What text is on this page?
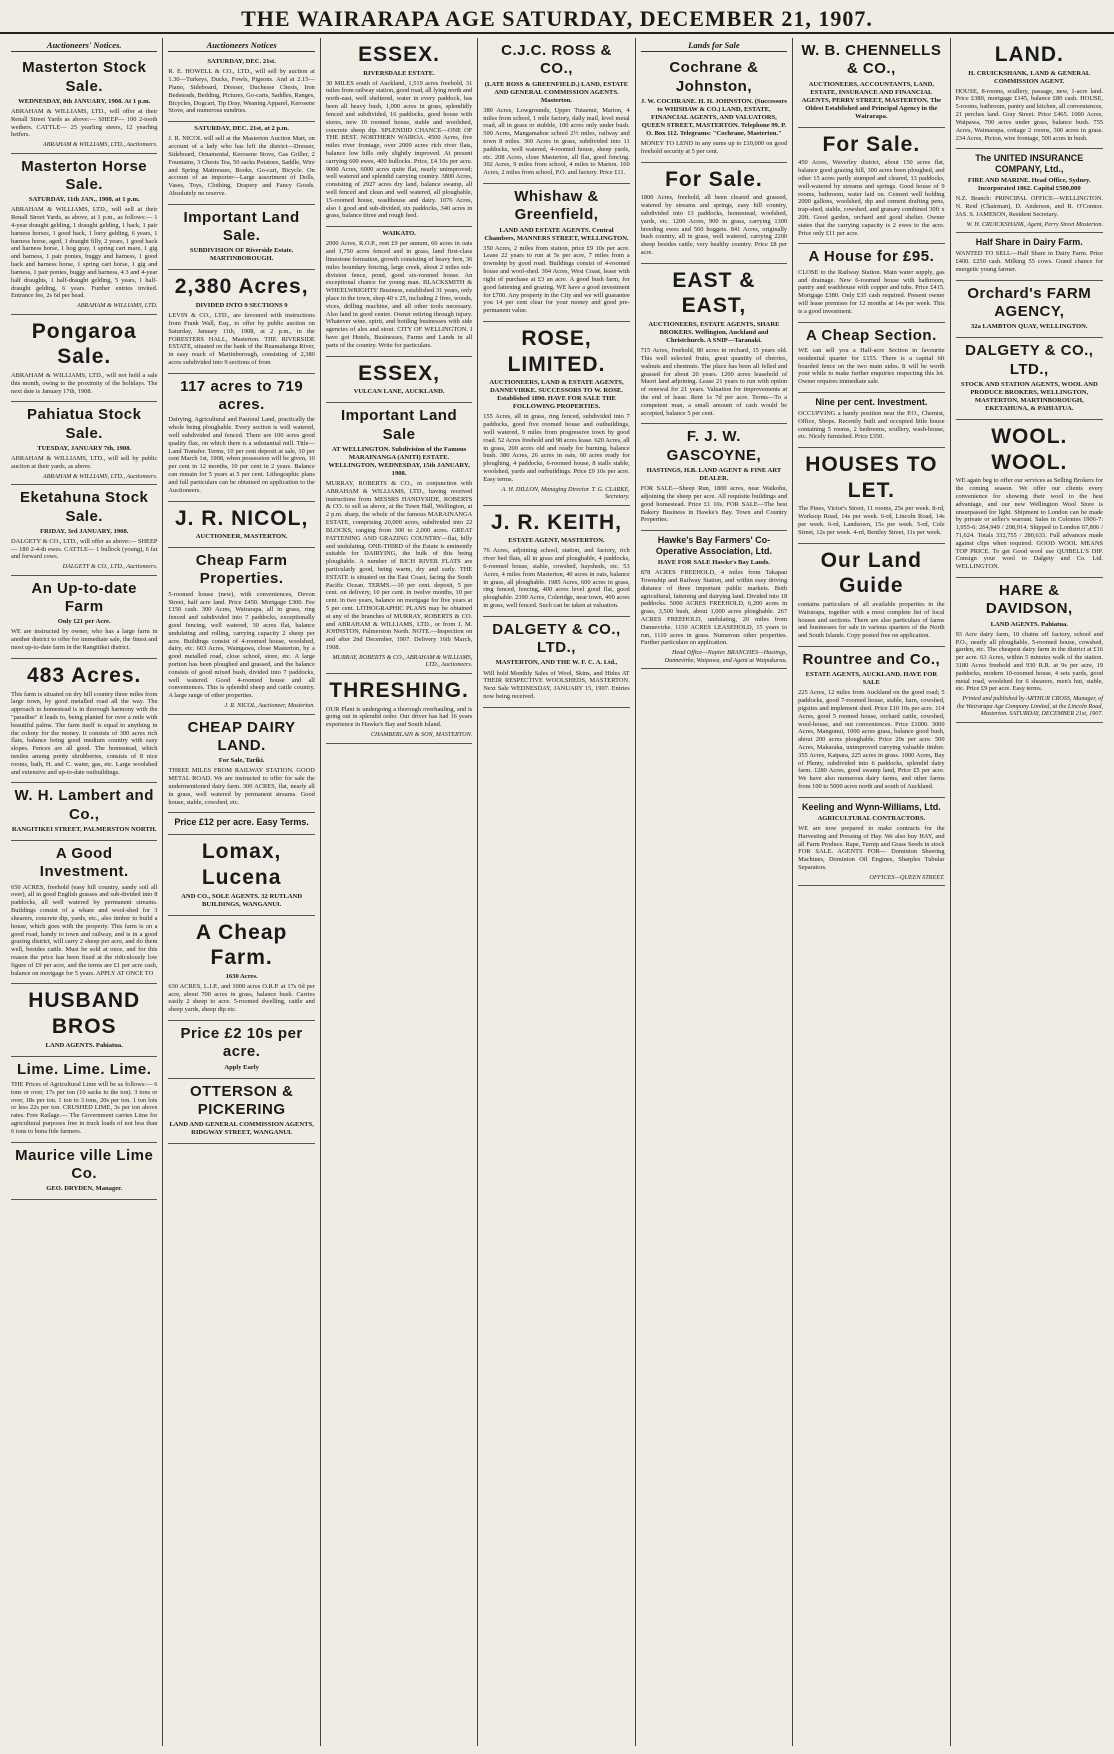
THE WAIRARAPA AGE SATURDAY, DECEMBER 21, 1907.
Auctioneers' Notices.
Masterton Stock Sale.
WEDNESDAY, 8th JANUARY, 1908. At 1 p.m.

ABRAHAM & WILLIAMS, LTD., will offer at their Renall Street Yards as above:— SHEEP— 100 2-tooth wethers. CATTLE— 25 yearling steers, 12 yearling heifers.

ABRAHAM & WILLIAMS, LTD., Auctioneers.
Masterton Horse Sale.
SATURDAY, 11th JAN., 1908, at 1 p.m.

ABRAHAM & WILLIAMS, LTD., will sell at their Renall Street Yards, as above, at 1 p.m., as follows:— 1 4-year draught gelding, 1 draught gelding, 1 hack, 1 pair harness horses, 1 good hack, 1 lorry gelding, 6 years, 1 harness horse, aged, 1 draught filly, 2 years, 1 good hack and harness horse, 1 hog gray, 1 spring cart mare, 1 gig and harness, 1 pair ponies, buggy and harness, 1 good hack and harness horse, 1 spring cart horse, 1 gig and harness, 1 pair ponies, buggy and harness, 4 3 and 4-year half draughts, 1 half-draught gelding, 5 years, 1 half-draught gelding, 6 years. Further entries invited. Entrance fee, 2s 6d per head.

ABRAHAM & WILLIAMS, LTD.
Pongaroa Sale.

ABRAHAM & WILLIAMS, LTD., will not hold a sale this month, owing to the proximity of the holidays. The next date is January 17th, 1908.

Pahiatua Stock Sale.
TUESDAY, JANUARY 7th, 1908.

ABRAHAM & WILLIAMS, LTD., will sell by public auction at their yards, as above.

ABRAHAM & WILLIAMS, LTD., Auctioneers.
Eketahuna Stock Sale.
FRIDAY, 3rd JANUARY, 1908.

DALGETY & CO., LTD., will offer as above:— SHEEP— 180 2-4-th ewes. CATTLE— 1 bullock (young), 6 fat and forward cows.

DALGETY & CO., LTD., Auctioneers.
An Up-to-date Farm
Only £21 per Acre.

WE are instructed by owner, who has a large farm in another district to offer for immediate sale, the finest and most up-to-date farm in the Rangitikei district.

483 Acres.

This farm is situated on dry hill country three miles from large town, by good metalled road all the way. The approach to homestead is in thorough harmony with the "paradise" it leads to, being planted for over a mile with beautiful palms. The farm itself is equal to anything in the colony for the money. It consists of 300 acres rich flats, balance being good medium country with easy slopes. Fences are all good. The homestead, which nestles among pretty shrubberies, consists of 8 nice rooms, bath, H. and C. water, gas, etc. Large woolshed and extensive and up-to-date outbuildings.

W. H. Lambert and Co.,
RANGITIKEI STREET, PALMERSTON NORTH.
A Good Investment.

650 ACRES, freehold (easy hill country, sandy soil all over), all in good English grasses and sub-divided into 8 paddocks, all well watered by permanent streams. Buildings consist of a whare and wool-shed for 3 shearers, concrete dip, yards, etc., also timber to build a house, which goes with the property. This farm is on a good road, handy to town and railway, and is in a good grazing district, will carry 2 sheep per acre, and do them well, besides cattle. Must be sold at once, and for this reason the price has been fixed at the ridiculously low figure of £9 per acre, and the terms are £1 per acre cash, balance on mortgage for 5 years. APPLY AT ONCE TO

HUSBAND BROS
LAND AGENTS. Pahiatua.
Lime. Lime. Lime.

THE Prices of Agricultural Lime will be as follows:— 6 tons or over, 17s per ton (10 sacks to the ton). 3 tons or over, 18s per ton. 1 ton to 3 tons, 20s per ton. 1 ton lots or less 22s per ton. CRUSHED LIME, 3s per ton above rates. Free Railage.— The Government carries Lime for agricultural purposes free in truck loads of not less than 6 tons to bona fide farmers.

Maurice ville Lime Co.
GEO. DRYDEN, Manager.
Auctioneers Notices
SATURDAY, DEC. 21st.

R. E. HOWELL & CO., LTD., will sell by auction at 1.30—Turkeys, Ducks, Fowls, Pigeons. And at 2.15—Piano, Sideboard, Dresser, Duchesse Chests, Iron Bedsteads, Bedding, Pictures, Go-carts, Saddles, Ranges, Bicycles, Dogcart, Tip Dray, Weaning Apparel, Kerosene Stove, and numerous sundries.

SATURDAY, DEC. 21st, at 2 p.m.

J. R. NICOL will sell at the Masterton Auction Mart, on account of a lady who has left the district—Dresser, Sideboard, Ornamental, Kerosene Stove, Gas Griller, 2 Fountains, 3 Chests Tea, 50 sacks Potatoes, Saddle, Wire and Spring Mattresses, Books, Go-cart, Bicycle. On account of an importer—Large assortment of Dolls, Vases, Toys, Clothing, Drapery and Fancy Goods. Absolutely no reserve.

Important Land Sale.
SUBDIVISION OF Riverside Estate. MARTINBOROUGH.
2,380 Acres,
DIVIDED INTO 9 SECTIONS 9

LEVIN & CO., LTD., are favoured with instructions from Frank Wall, Esq., to offer by public auction on Saturday, January 11th, 1908, at 2 p.m., in the FORESTERS HALL, Masterton. THE RIVERSIDE ESTATE, situated on the bank of the Ruamahanga River, in easy reach of Martinborough, consisting of 2,380 acres subdivided into 9 sections of from

117 acres to 719 acres.

Dairying, Agricultural and Pastoral Land, practically the whole being ploughable. Every section is well watered, well subdivided and fenced. There are 100 acres good quality flax, on which there is a substantial mill. Title—Land Transfer. Terms, 10 per cent deposit at sale, 10 per cent March 1st, 1908, when possession will be given, 10 per cent in 12 months, 10 per cent in 2 years. Balance can remain for 5 years at 5 per cent. Lithographic plans and full particulars can be obtained on application to the Auctioneers.

J. R. NICOL,
AUCTIONEER, MASTERTON.
Cheap Farm Properties.

5-roomed house (new), with conveniences, Devon Street, half acre land. Price £450. Mortgage £300. Fee £150 cash. 300 Acres, Wairarapa, all in grass, ring fenced and subdivided into 7 paddocks, exceptionally good fencing, well watered, 30 acres flat, balance undulating and rolling, carrying capacity 2 sheep per acre. Buildings consist of 4-roomed house, woolshed, dairy, etc. 603 Acres, Waingawa, close Masterton, by a good metalled road, close school, store, etc. A large portion has been ploughed and grassed, and the balance consists of good mixed bush, divided into 7 paddocks, well watered. Good 4-roomed house and all conveniences. This is splendid sheep and cattle country. A large range of other properties.

J. R. NICOL, Auctioneer, Masterton.
CHEAP DAIRY LAND.
For Sale, Tariki.

THREE MILES FROM RAILWAY STATION. GOOD METAL ROAD. We are instructed to offer for sale the undermentioned dairy farm. 300 ACRES, flat, nearly all in grass, well watered by permanent streams. Good house, stable, cowshed, etc.

Price £12 per acre. Easy Terms.
Lomax, Lucena
AND CO., SOLE AGENTS. 32 RUTLAND BUILDINGS, WANGANUI.
A Cheap Farm.
1630 Acres.

630 ACRES, L.I.P., and 1000 acres O.R.P. at 17s 6d per acre, about 700 acres in grass, balance bush. Carries easily 2 sheep to acre. 5-roomed dwelling, cattle and sheep yards, sheep dip etc.

Price £2 10s per acre.
Apply Early
OTTERSON & PICKERING
LAND AND GENERAL COMMISSION AGENTS, RIDGWAY STREET, WANGANUI.
ESSEX.
RIVERSDALE ESTATE.

30 MILES south of Auckland, 1,519 acres freehold, 31 miles from railway station, good road, all lying north and north-east, well sheltered, water in every paddock, has been all heavy bush, 1,000 acres in grass, splendidly fenced and subdivided, 16 paddocks, good house with stores, new 10 roomed house, stable and woolshed, concrete sheep dip. SPLENDID CHANCE—ONE OF THE BEST. NORTHERN WAIROA. 4500 Acres, five miles river frontage, over 2000 acres rich river flats, balance low hills only slightly improved. At present carrying 600 ewes, 400 bullocks. Price, £4 10s per acre. 9000 Acres, 6000 acres quite flat, nearly unimproved; well watered and splendid carrying country. 3800 Acres, consisting of 2927 acres dry land, balance swamp, all well fenced and clean and well watered, all ploughable, 15-roomed house, washhouse and dairy. 1076 Acres, also 1 good and sub-divided, six paddocks, 340 acres in grass, balance titree and rough feed.

WAIKATO.

2000 Acres, R.O.P., rent £9 per annum, 60 acres in oats and 1,750 acres fenced and in grass, land first-class limestone formation, growth consisting of heavy fern, 36 miles boundary fencing, large creek, about 2 miles sub-division fence, pond, good six-roomed house. An exceptional chance for young man. BLACKSMITH & WHEELWRIGHTS' Business, established 31 years, only place in the town, shop 40 x 25, including 2 fires, woods, vices, drilling machine, and all other tools necessary. Also land in good centre. Owner retiring through injury. Whatever wine, spirit, and bottling businesses with side agencies of ales and stout. CITY OF WELLINGTON. I have got Hotels, Businesses, Farms and Lands in all parts of the country. Write for particulars.

ESSEX,
VULCAN LANE, AUCKLAND.
Important Land Sale
AT WELLINGTON. Subdivision of the Famous MARAINANGA (ANITI) ESTATE. WELLINGTON, WEDNESDAY, 15th JANUARY, 1908.

MURRAY, ROBERTS & CO., in conjunction with ABRAHAM & WILLIAMS, LTD., having received instructions from MESSRS HANDYSIDE, ROBERTS & CO. to sell as above, at the Town Hall, Wellington, at 2 p.m. sharp, the whole of the famous MARAINANGA ESTATE, comprising 20,000 acres, subdivided into 22 BLOCKS, ranging from 300 to 2,000 acres. GREAT FATTENING AND GRAZING COUNTRY—flat, hilly and undulating. ONE-THIRD of the Estate is eminently suitable for DAIRYING, the bulk of this being ploughable. A number of RICH RIVER FLATS are particularly good, being warm, dry and early. THE ESTATE is situated on the East Coast, facing the South Pacific Ocean. TERMS.—10 per cent. deposit, 5 per cent. on delivery, 10 per cent. in twelve months, 10 per cent. in two years, balance on mortgage for five years at 5 per cent. LITHOGRAPHIC PLANS may be obtained at any of the branches of MURRAY, ROBERTS & CO. and ABRAHAM & WILLIAMS, LTD., or from J. M. JOHNSTON, Palmerston North. NOTE.—Inspection on and after 2nd December, 1907. Delivery 16th March, 1908.

MURRAY, ROBERTS & CO., ABRAHAM & WILLIAMS, LTD., Auctioneers.
THRESHING.

OUR Plant is undergoing a thorough overhauling, and is going out in splendid order. Our driver has had 16 years experience in Hawke's Bay and South Island.

CHAMBERLAIN & SON, MASTERTON.
C.J.C. ROSS & CO.,
(LATE ROSS & GREENFIELD.) LAND, ESTATE AND GENERAL COMMISSION AGENTS. Masterton.

380 Acres, Lowgrounds, Upper Tutaenui, Marton, 4 miles from school, 1 mile factory, daily mail, level metal road, all in grass or stubble, 100 acres only under bush. 500 Acres, Mangamahoe school 2½ miles, railway and town 8 miles. 360 Acres in grass, subdivided into 11 paddocks, well watered, 4-roomed house, sheep yards, etc. 208 Acres, close Masterton, all flat, good fencing. 302 Acres, 9 miles from school, 4 miles to Marton. 160 Acres, 2 miles from school, P.O. and factory. Price £11.

Whishaw & Greenfield,
LAND AND ESTATE AGENTS. Central Chambers, MANNERS STREET, WELLINGTON.

350 Acres, 2 miles from station, price £9 10s per acre. Lease 22 years to run at 5s per acre, 7 miles from a township by good road. Buildings consist of 4-roomed house and wool-shed. 394 Acres, West Coast, lease with right of purchase at £3 an acre. A good bush farm, for good fattening and grazing. WE have a good investment for £700. Any property in the City and we will guarantee you 14 per cent clear for your money and good pre-permanent value.

ROSE, LIMITED.
AUCTIONEERS, LAND & ESTATE AGENTS, DANNEVIRKE. SUCCESSORS TO W. ROSE. Established 1890. HAVE FOR SALE THE FOLLOWING PROPERTIES.

155 Acres, all in grass, ring fenced, subdivided into 7 paddocks, good five roomed house and outbuildings, well watered, 9 miles from progressive town by good road. 52 Acres freehold and 98 acres lease. 620 Acres, all in grass, 200 acres old and ready for burning, balance bush. 380 Acres, 26 acres in oats, 60 acres ready for ploughing, 4 paddocks, 6-roomed house, 8 stalls stable, woolshed, yards and outbuildings. Price £9 10s per acre. Easy terms.

A. H. DILLON, Managing Director. T. G. CLARKE, Secretary.
J. R. KEITH,
ESTATE AGENT, MASTERTON.

76 Acres, adjoining school, station, and factory, rich river bed flats, all in grass and ploughable, 4 paddocks, 6-roomed house, stable, cowshed, haysheds, etc. 53 Acres, 4 miles from Masterton, 40 acres in oats, balance in grass, all ploughable. 1985 Acres, 600 acres in grass, ring fenced, fencing, 400 acres level good flat, good ploughable. 2390 Acres, Coleridge, near town, 400 acres in grass, well fenced. Such can be taken at valuation.

DALGETY & CO., LTD.,
MASTERTON, AND THE W. F. C. A. Ltd.,

Will hold Monthly Sales of Wool, Skins, and Hides AT THEIR RESPECTIVE WOOLSHEDS, MASTERTON. Next Sale WEDNESDAY, JANUARY 15, 1907. Entries now being received.

Lands for Sale
Cochrane & Johnston,
J. W. COCHRANE. H. H. JOHNSTON. (Successors to WHISHAW & CO.) LAND, ESTATE, FINANCIAL AGENTS, AND VALUATORS, QUEEN STREET, MASTERTON. Telephone 99. P. O. Box 112. Telegrams: "Cochrane, Masterton."

MONEY TO LEND in any sums up to £10,000 on good freehold security at 5 per cent.

For Sale.

1800 Acres, freehold, all been cleared and grassed, watered by streams and springs, easy hill country, subdivided into 13 paddocks, homestead, woolshed, yards, etc. 1200 Acres, 900 in grass, carrying 1300 breeding ewes and 560 hoggets. 841 Acres, originally bush country, all in grass, well watered, carrying 2200 sheep besides cattle, very healthy country. Price £8 per acre.

EAST & EAST,
AUCTIONEERS, ESTATE AGENTS, SHARE BROKERS. Wellington, Auckland and Christchurch. A SNIP—Taranaki.

715 Acres, freehold, 80 acres in orchard, 15 years old. This well selected fruits, great quantity of cherries, walnuts and chestnuts. The place has been all felled and grassed for about 20 years. 1200 acres leasehold of Maori land adjoining. Lease 21 years to run with option of renewal for 21 years. Valuation for improvements at the end of lease. Rent 1s 7d per acre. Terms—To a competent man, a small amount of cash would be accepted, balance 5 per cent.

F. J. W. GASCOYNE,
HASTINGS, H.B. LAND AGENT & FINE ART DEALER.

FOR SALE—Sheep Run, 1800 acres, near Waikohu, adjoining the sheep per acre. All requisite buildings and good homestead. Price £1 10s. FOR SALE—The best Bakery Business in Hawke's Bay. Town and Country Properties.

Hawke's Bay Farmers' Co-Operative Association, Ltd.
HAVE FOR SALE Hawke's Bay Lands.

878 ACRES FREEHOLD, 4 miles from Takapau Township and Railway Station, and within easy driving distance of three important public markets. Both agricultural, fattening and dairying land. Divided into 18 paddocks. 5000 ACRES FREEHOLD, 6,200 acres in grass, 3,500 bush, about 1,000 acres ploughable. 267 ACRES FREEHOLD, undulating, 20 miles from Dannevirke. 1150 ACRES LEASEHOLD, 15 years to run, 1110 acres in grass. Numerous other properties. Further particulars on application.

Head Office—Napier. BRANCHES—Hastings, Dannevirke, Waipawa, and Agent at Waipukurau.
W. B. CHENNELLS & CO.,
AUCTIONEERS, ACCOUNTANTS, LAND, ESTATE, INSURANCE AND FINANCIAL AGENTS, PERRY STREET, MASTERTON. The Oldest Established and Principal Agency in the Wairarapa.
For Sale.

450 Acres, Waverley district, about 150 acres flat, balance good grazing hill, 300 acres been ploughed, and other 15 acres partly stumped and cleared, 13 paddocks, well-watered by streams and springs. Good house of 9 rooms, bathroom, water laid on. Cement well holding 2000 gallons, woolshed, dip and cement drafting pens, trap-shed, stable, cowshed, and granary combined 30ft x 20ft. Good garden, orchard and good shelter. Owner states that the carrying capacity is 2 ewes to the acre. Price only £11 per acre.

A House for £95.

CLOSE to the Railway Station. Main water supply, gas and drainage. New 6-roomed house with bathroom, pantry and washhouse with copper and tubs. Price £415. Mortgage £380. Only £35 cash required. Present owner will lease premises for 12 months at 14s per week. This is a good investment.

A Cheap Section.

WE can sell you a Half-acre Section in favourite residential quarter for £155. There is a capital 6ft boarded fence on the two main sides. It will be worth your while to make further enquiries respecting this lot. Owner requires immediate sale.

Nine per cent. Investment.

OCCUPYING a handy position near the P.O., Chemist, Office, Shops. Recently built and occupied little house containing 5 rooms, 2 bedrooms, scullery, wash-house, etc. Nicely furnished. Price £350.

HOUSES TO LET.

The Pines, Victor's Street, 11 rooms, 25s per week. 8-rd, Worksop Road, 14s per week. 6-rd, Lincoln Road, 14s per week. 6-rd, Landsown, 15s per week. 5-rd, Cole Street, 12s per week. 4-rd, Bentley Street, 11s per week.

Our Land Guide

contains particulars of all available properties in the Wairarapa, together with a most complete list of local houses and sections. There are also particulars of farms and businesses for sale in various quarters of the North and South Islands. Copy posted free on application.

Rountree and Co.,
ESTATE AGENTS, AUCKLAND. HAVE FOR SALE

225 Acres, 12 miles from Auckland on the good road; 5 paddocks, good 7-roomed house, stable, barn, cowshed, pigsties and implement shed. Price £10 10s per acre. 114 Acres, good 5 roomed house, orchard cattle, cowshed, wool-house, and out conveniences. Price £1000. 3000 Acres, Mangonui, 1000 acres grass, balance good bush, about 200 acres ploughable. Price 20s per acre. 500 Acres, Makaraka, unimproved carrying valuable timber. 355 Acres, Kaipara, 225 acres in grass. 1000 Acres, Bay of Plenty, subdivided into 6 paddocks, splendid dairy farm. 1280 Acres, good swamp land, Price £5 per acre. We have also numerous dairy farms, and other farms from 100 to 5000 acres north and south of Auckland.

Keeling and Wynn-Williams, Ltd.
AGRICULTURAL CONTRACTORS.

WE are now prepared to make contracts for the Harvesting and Pressing of Hay. We also buy HAY, and all Farm Produce. Rape, Turnip and Grass Seeds in stock FOR SALE. AGENTS FOR— Dominion Sheering Machines, Dominion Oil Engines, Sharples Tubular Separators.

OFFICES—QUEEN STREET.
LAND.
H. CRUICKSHANK, LAND & GENERAL COMMISSION AGENT.

HOUSE, 8-rooms, scullery, passage, new, 1-acre land. Price £380, mortgage £145, balance £80 cash. HOUSE, 5-rooms, bathroom, pantry and kitchen, all conveniences, 21 perches land. Gray Street. Price £465. 1000 Acres, Waipawa, 700 acres under grass, balance bush. 755 Acres, Waimarapa, cottage 2 rooms, 300 acres in grass. 234 Acres, Picton, wire frontage, 500 acres in bush.

The UNITED INSURANCE COMPANY, Ltd.,
FIRE AND MARINE. Head Office, Sydney. Incorporated 1862. Capital £500,000

N.Z. Branch: PRINCIPAL OFFICE—WELLINGTON. N. Reid (Chairman), D. Anderson, and R. O'Connor. JAS. S. JAMESON, Resident Secretary.

W. H. CRUICKSHANK, Agent, Perry Street Masterton.
Half Share in Dairy Farm.

WANTED TO SELL—Half Share in Dairy Farm. Price £400. £250 cash. Milking 55 cows. Grand chance for energetic young farmer.

Orchard's FARM AGENCY,
32a LAMBTON QUAY, WELLINGTON.
DALGETY & CO., LTD.,
STOCK AND STATION AGENTS, WOOL AND PRODUCE BROKERS, WELLINGTON, MASTERTON, MARTINBOROUGH, EKETAHUNA, & PAHIATUA.
WOOL. WOOL.

WE again beg to offer our services as Selling Brokers for the coming season. We offer our clients every convenience for showing their wool to the best advantage, and our new Wellington Wool Store is unsurpassed for light. Shipment to London can be made by private or seller's warrant. Sales in Colonies 1906-7: 1,955-6: 264,949 / 208,914. Shipped to London 67,806 / 71,624. Totals 332,755 / 280,633. Full advances made against clips when required. GOOD WOOL MEANS TOP PRICE. To get Good wool use QUIBELL'S DIP. Consign your wool to Dalgety and Co. Ltd. WELLINGTON.

HARE & DAVIDSON,
LAND AGENTS. Pahiatua.

93 Acre dairy farm, 10 chains off factory, school and P.O., nearly all ploughable, 5-roomed house, cowshed, garden, etc. The cheapest dairy farm in the district at £16 per acre. 63 Acres, within 5 minutes walk of the station. 3180 Acres freehold and 930 R.R. at 9s per acre, 19 paddocks, modern 10-roomed house, 4 sets yards, good metal road, woolshed for 6 shearers, men's hut, stable, etc. Price £9 per acre. Easy terms.

Printed and published by ARTHUR CROSS, Manager, of the Wairarapa Age Company Limited, at the Lincoln Road, Masterton. SATURDAY, DECEMBER 21st, 1907.
